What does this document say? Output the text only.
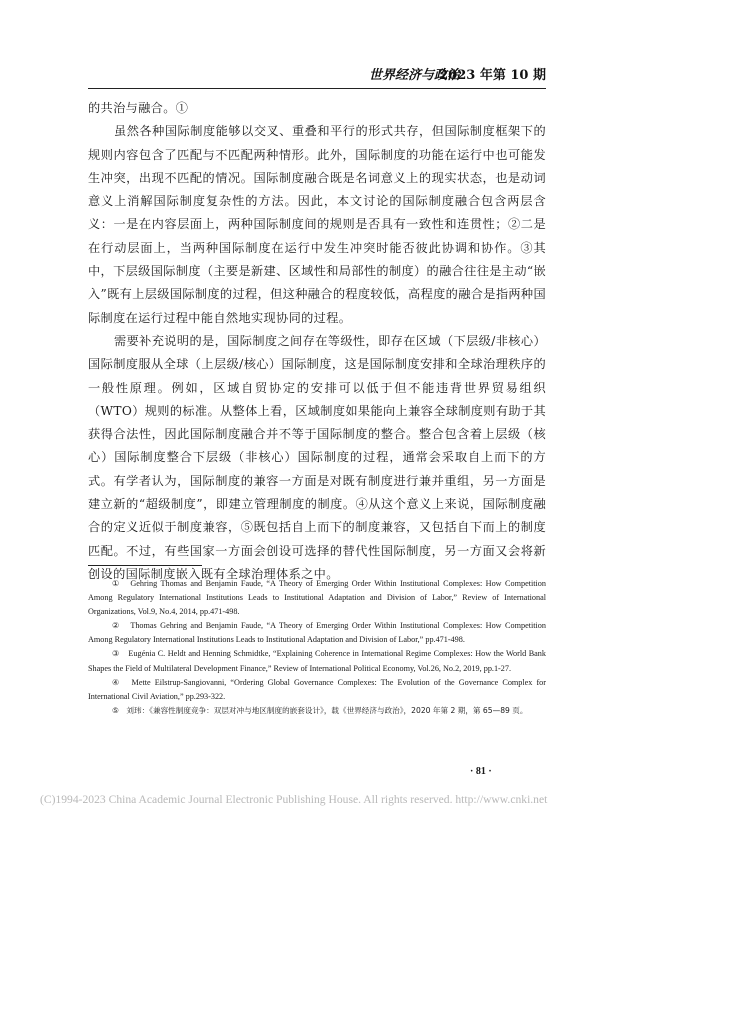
世界经济与政治
2023 年第 10 期

的共治与融合。①

虽然各种国际制度能够以交叉、重叠和平行的形式共存，但国际制度框架下的规则内容包含了匹配与不匹配两种情形。此外，国际制度的功能在运行中也可能发生冲突，出现不匹配的情况。国际制度融合既是名词意义上的现实状态，也是动词意义上消解国际制度复杂性的方法。因此，本文讨论的国际制度融合包含两层含义：一是在内容层面上，两种国际制度间的规则是否具有一致性和连贯性；②二是在行动层面上，当两种国际制度在运行中发生冲突时能否彼此协调和协作。③其中，下层级国际制度（主要是新建、区域性和局部性的制度）的融合往往是主动“嵌入”既有上层级国际制度的过程，但这种融合的程度较低，高程度的融合是指两种国际制度在运行过程中能自然地实现协同的过程。

需要补充说明的是，国际制度之间存在等级性，即存在区域（下层级/非核心）国际制度服从全球（上层级/核心）国际制度，这是国际制度安排和全球治理秩序的一般性原理。例如，区域自贸协定的安排可以低于但不能违背世界贸易组织（WTO）规则的标准。从整体上看，区域制度如果能向上兼容全球制度则有助于其获得合法性，因此国际制度融合并不等于国际制度的整合。整合包含着上层级（核心）国际制度整合下层级（非核心）国际制度的过程，通常会采取自上而下的方式。有学者认为，国际制度的兼容一方面是对既有制度进行兼并重组，另一方面是建立新的“超级制度”，即建立管理制度的制度。④从这个意义上来说，国际制度融合的定义近似于制度兼容，⑤既包括自上而下的制度兼容，又包括自下而上的制度匹配。不过，有些国家一方面会创设可选择的替代性国际制度，另一方面又会将新创设的国际制度嵌入既有全球治理体系之中。

①　Gehring Thomas and Benjamin Faude, “A Theory of Emerging Order Within Institutional Complexes: How Competition Among Regulatory International Institutions Leads to Institutional Adaptation and Division of Labor,” Review of International Organizations, Vol.9, No.4, 2014, pp.471-498.

②　Thomas Gehring and Benjamin Faude, “A Theory of Emerging Order Within Institutional Complexes: How Competition Among Regulatory International Institutions Leads to Institutional Adaptation and Division of Labor,” pp.471-498.

③　Eugénia C. Heldt and Henning Schmidtke, “Explaining Coherence in International Regime Complexes: How the World Bank Shapes the Field of Multilateral Development Finance,” Review of International Political Economy, Vol.26, No.2, 2019, pp.1-27.

④　Mette Eilstrup-Sangiovanni, “Ordering Global Governance Complexes: The Evolution of the Governance Complex for International Civil Aviation,” pp.293-322.

⑤　刘玮：《兼容性制度竞争：双层对冲与地区制度的嵌套设计》，载《世界经济与政治》，2020 年第 2 期，第 65—89 页。

· 81 ·
(C)1994-2023 China Academic Journal Electronic Publishing House. All rights reserved. http://www.cnki.net
